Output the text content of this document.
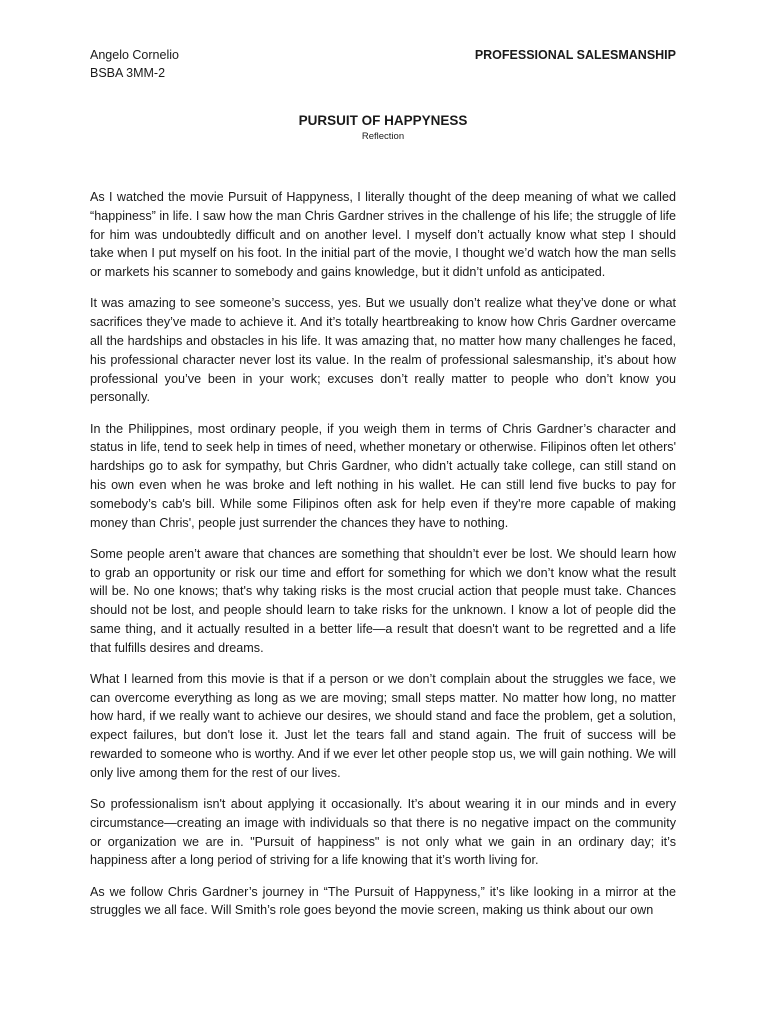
Angelo Cornelio
BSBA 3MM-2
PROFESSIONAL SALESMANSHIP
PURSUIT OF HAPPYNESS
Reflection

As I watched the movie Pursuit of Happyness, I literally thought of the deep meaning of what we called “happiness” in life. I saw how the man Chris Gardner strives in the challenge of his life; the struggle of life for him was undoubtedly difficult and on another level. I myself don’t actually know what step I should take when I put myself on his foot. In the initial part of the movie, I thought we’d watch how the man sells or markets his scanner to somebody and gains knowledge, but it didn’t unfold as anticipated.

It was amazing to see someone’s success, yes. But we usually don’t realize what they’ve done or what sacrifices they’ve made to achieve it. And it’s totally heartbreaking to know how Chris Gardner overcame all the hardships and obstacles in his life. It was amazing that, no matter how many challenges he faced, his professional character never lost its value. In the realm of professional salesmanship, it’s about how professional you’ve been in your work; excuses don’t really matter to people who don’t know you personally.

In the Philippines, most ordinary people, if you weigh them in terms of Chris Gardner’s character and status in life, tend to seek help in times of need, whether monetary or otherwise. Filipinos often let others' hardships go to ask for sympathy, but Chris Gardner, who didn’t actually take college, can still stand on his own even when he was broke and left nothing in his wallet. He can still lend five bucks to pay for somebody’s cab's bill. While some Filipinos often ask for help even if they're more capable of making money than Chris', people just surrender the chances they have to nothing.

Some people aren’t aware that chances are something that shouldn’t ever be lost. We should learn how to grab an opportunity or risk our time and effort for something for which we don’t know what the result will be. No one knows; that's why taking risks is the most crucial action that people must take. Chances should not be lost, and people should learn to take risks for the unknown. I know a lot of people did the same thing, and it actually resulted in a better life—a result that doesn't want to be regretted and a life that fulfills desires and dreams.

What I learned from this movie is that if a person or we don’t complain about the struggles we face, we can overcome everything as long as we are moving; small steps matter. No matter how long, no matter how hard, if we really want to achieve our desires, we should stand and face the problem, get a solution, expect failures, but don't lose it. Just let the tears fall and stand again. The fruit of success will be rewarded to someone who is worthy. And if we ever let other people stop us, we will gain nothing. We will only live among them for the rest of our lives.

So professionalism isn't about applying it occasionally. It’s about wearing it in our minds and in every circumstance—creating an image with individuals so that there is no negative impact on the community or organization we are in. "Pursuit of happiness" is not only what we gain in an ordinary day; it’s happiness after a long period of striving for a life knowing that it’s worth living for.

As we follow Chris Gardner’s journey in “The Pursuit of Happyness,” it’s like looking in a mirror at the struggles we all face. Will Smith’s role goes beyond the movie screen, making us think about our own
